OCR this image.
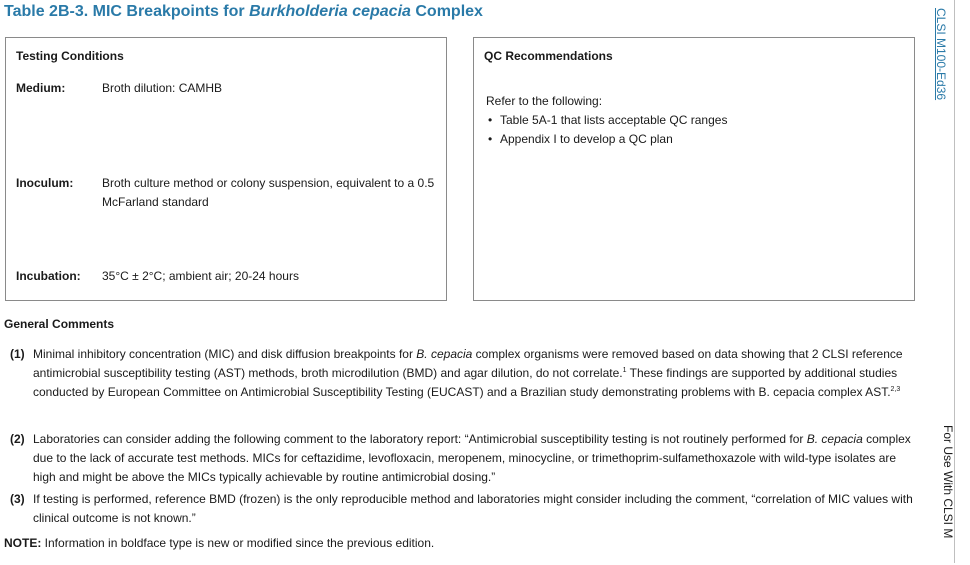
Table 2B-3. MIC Breakpoints for Burkholderia cepacia Complex	CLSI M100-Ed36
For Use With CLSI M
Testing Conditions
Medium:	Broth dilution: CAMHB
Inoculum: Broth culture method or colony suspension, equivalent to a 0.5 McFarland standard
Incubation: 35°C ± 2°C; ambient air; 20-24 hours
QC Recommendations
Refer to the following:
• Table 5A-1 that lists acceptable QC ranges
• Appendix I to develop a QC plan
General Comments
(1) Minimal inhibitory concentration (MIC) and disk diffusion breakpoints for B. cepacia complex organisms were removed based on data showing that 2 CLSI reference antimicrobial susceptibility testing (AST) methods, broth microdilution (BMD) and agar dilution, do not correlate.$^1$ These findings are supported by additional studies conducted by European Committee on Antimicrobial Susceptibility Testing (EUCAST) and a Brazilian study demonstrating problems with B. cepacia complex AST.$^{2,3}$
(2) Laboratories can consider adding the following comment to the laboratory report: “Antimicrobial susceptibility testing is not routinely performed for B. cepacia complex due to the lack of accurate test methods. MICs for ceftazidime, levofloxacin, meropenem, minocycline, or trimethoprim-sulfamethoxazole with wild-type isolates are high and might be above the MICs typically achievable by routine antimicrobial dosing.”
(3) If testing is performed, reference BMD (frozen) is the only reproducible method and laboratories might consider including the comment, “correlation of MIC values with clinical outcome is not known.”
NOTE: Information in boldface type is new or modified since the previous edition.
